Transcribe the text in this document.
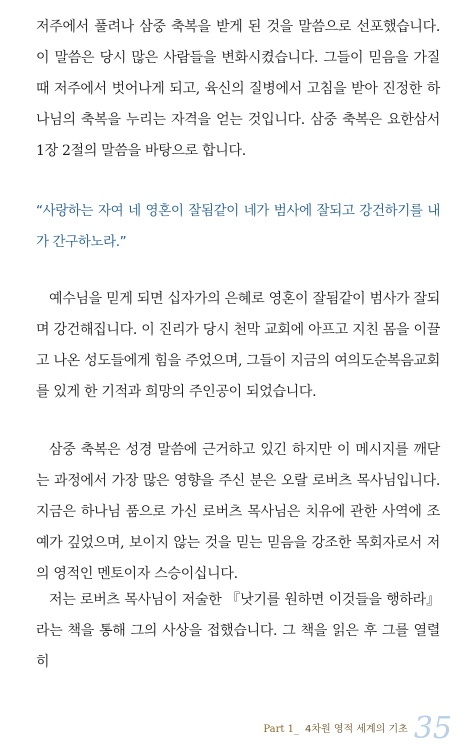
저주에서 풀려나 삼중 축복을 받게 된 것을 말씀으로 선포했습니다. 이 말씀은 당시 많은 사람들을 변화시켰습니다. 그들이 믿음을 가질 때 저주에서 벗어나게 되고, 육신의 질병에서 고침을 받아 진정한 하나님의 축복을 누리는 자격을 얻는 것입니다. 삼중 축복은 요한삼서 1장 2절의 말씀을 바탕으로 합니다.

“사랑하는 자여 네 영혼이 잘됨같이 네가 범사에 잘되고 강건하기를 내가 간구하노라.”

예수님을 믿게 되면 십자가의 은혜로 영혼이 잘됨같이 범사가 잘되며 강건해집니다. 이 진리가 당시 천막 교회에 아프고 지친 몸을 이끌고 나온 성도들에게 힘을 주었으며, 그들이 지금의 여의도순복음교회를 있게 한 기적과 희망의 주인공이 되었습니다.

삼중 축복은 성경 말씀에 근거하고 있긴 하지만 이 메시지를 깨닫는 과정에서 가장 많은 영향을 주신 분은 오랄 로버츠 목사님입니다. 지금은 하나님 품으로 가신 로버츠 목사님은 치유에 관한 사역에 조예가 깊었으며, 보이지 않는 것을 믿는 믿음을 강조한 목회자로서 저의 영적인 멘토이자 스승이십니다.

저는 로버츠 목사님이 저술한 『낫기를 원하면 이것들을 행하라』라는 책을 통해 그의 사상을 접했습니다. 그 책을 읽은 후 그를 열렬히

Part 1_ 4차원 영적 세계의 기초 35
